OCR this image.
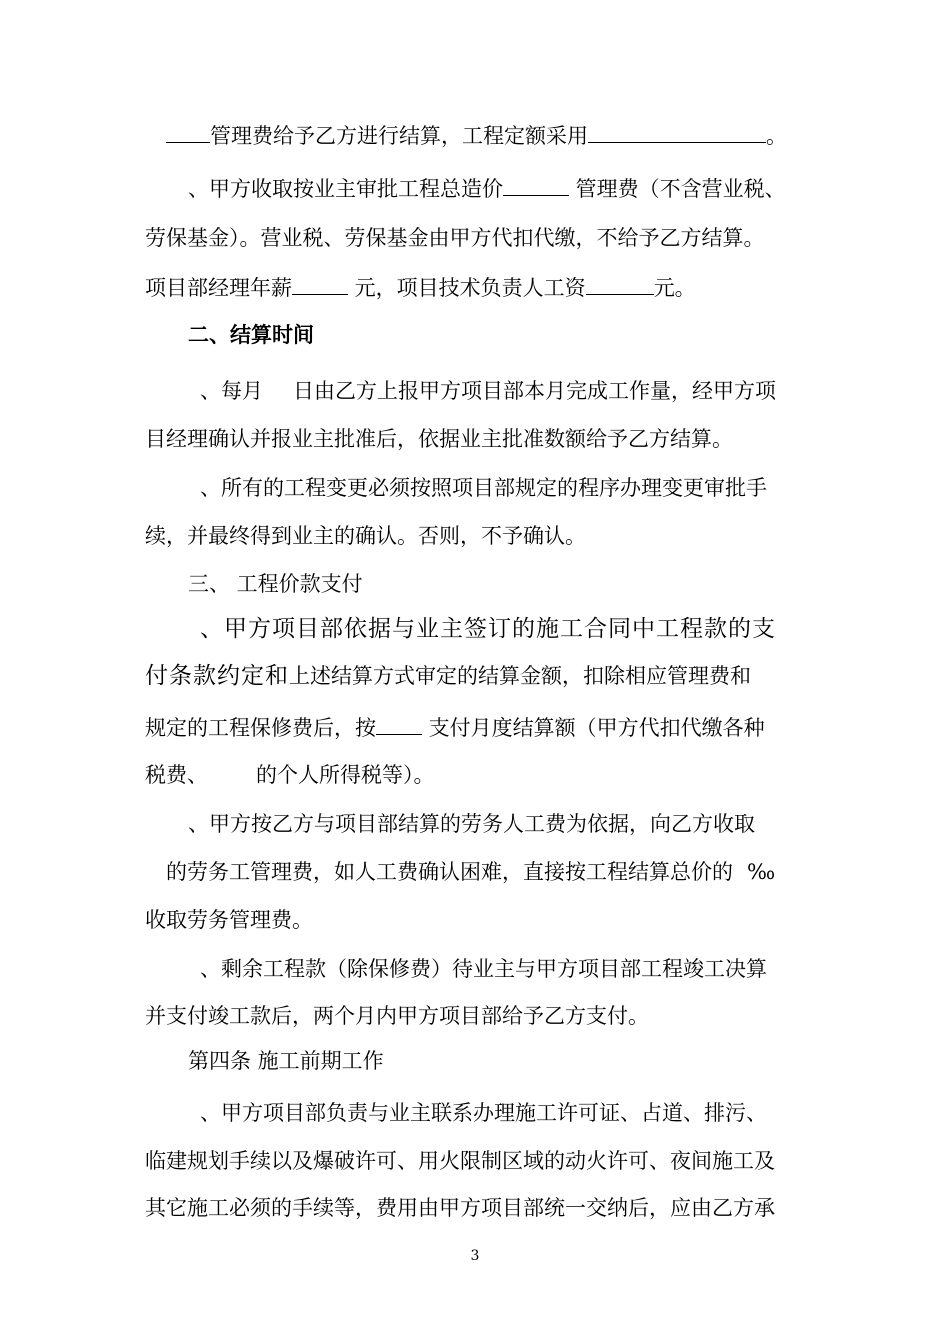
管理费给予乙方进行结算，工程定额采用	。
、甲方收取按业主审批工程总造价	管理费（不含营业税、
劳保基金）。营业税、劳保基金由甲方代扣代缴，不给予乙方结算。
项目部经理年薪	元，项目技术负责人工资	元。
二、结算时间
、每月 日由乙方上报甲方项目部本月完成工作量，经甲方项
目经理确认并报业主批准后，依据业主批准数额给予乙方结算。
、所有的工程变更必须按照项目部规定的程序办理变更审批手
续，并最终得到业主的确认。否则，不予确认。
三、 工程价款支付
、甲方项目部依据与业主签订的施工合同中工程款的支
付条款约定和上述结算方式审定的结算金额，扣除相应管理费和
规定的工程保修费后，按 支付月度结算额（甲方代扣代缴各种
税费、 的个人所得税等）。
、甲方按乙方与项目部结算的劳务人工费为依据，向乙方收取
的劳务工管理费，如人工费确认困难，直接按工程结算总价的 ‰
收取劳务管理费。
、剩余工程款（除保修费）待业主与甲方项目部工程竣工决算
并支付竣工款后，两个月内甲方项目部给予乙方支付。
第四条 施工前期工作
、甲方项目部负责与业主联系办理施工许可证、占道、排污、
临建规划手续以及爆破许可、用火限制区域的动火许可、夜间施工及
其它施工必须的手续等，费用由甲方项目部统一交纳后，应由乙方承
3
